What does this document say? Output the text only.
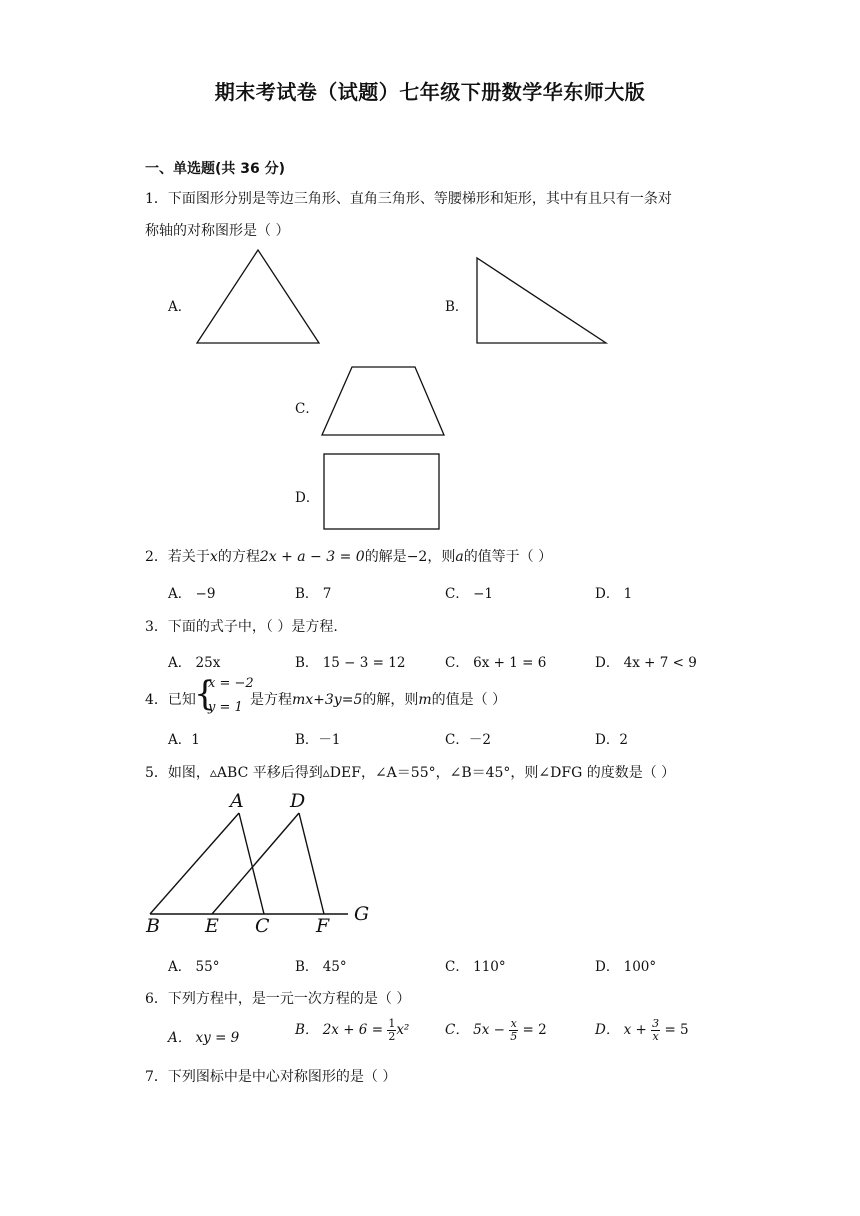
期末考试卷（试题）七年级下册数学华东师大版
一、单选题(共 36 分)
1．下面图形分别是等边三角形、直角三角形、等腰梯形和矩形，其中有且只有一条对
称轴的对称图形是（ ）
A．	B．
C．
D．
2．若关于x的方程2x + a − 3 = 0的解是−2，则a的值等于（ ）
A． −9	B． 7	C． −1	D． 1
3．下面的式子中，（ ）是方程.
A． 25x	B． 15 − 3 = 12	C． 6x + 1 = 6	D． 4x + 7 < 9
4．已知
{
x = −2
y = 1 是方程mx+3y=5的解，则m的值是（ ）
A．1	B．－1	C．－2	D．2
5．如图，▵ABC 平移后得到▵DEF，∠A＝55°，∠B＝45°，则∠DFG 的度数是（ ）
A D
B E C F
G
A． 55°	B． 45°	C． 110°	D． 100°
6．下列方程中，是一元一次方程的是（ ）
A． xy = 9	B． $2x + 6 = \frac{1}{2} x^2$	C． $5x - \frac{x}{5} = 2$	D． $x + \frac{3}{x} = 5$
7．下列图标中是中心对称图形的是（ ）
